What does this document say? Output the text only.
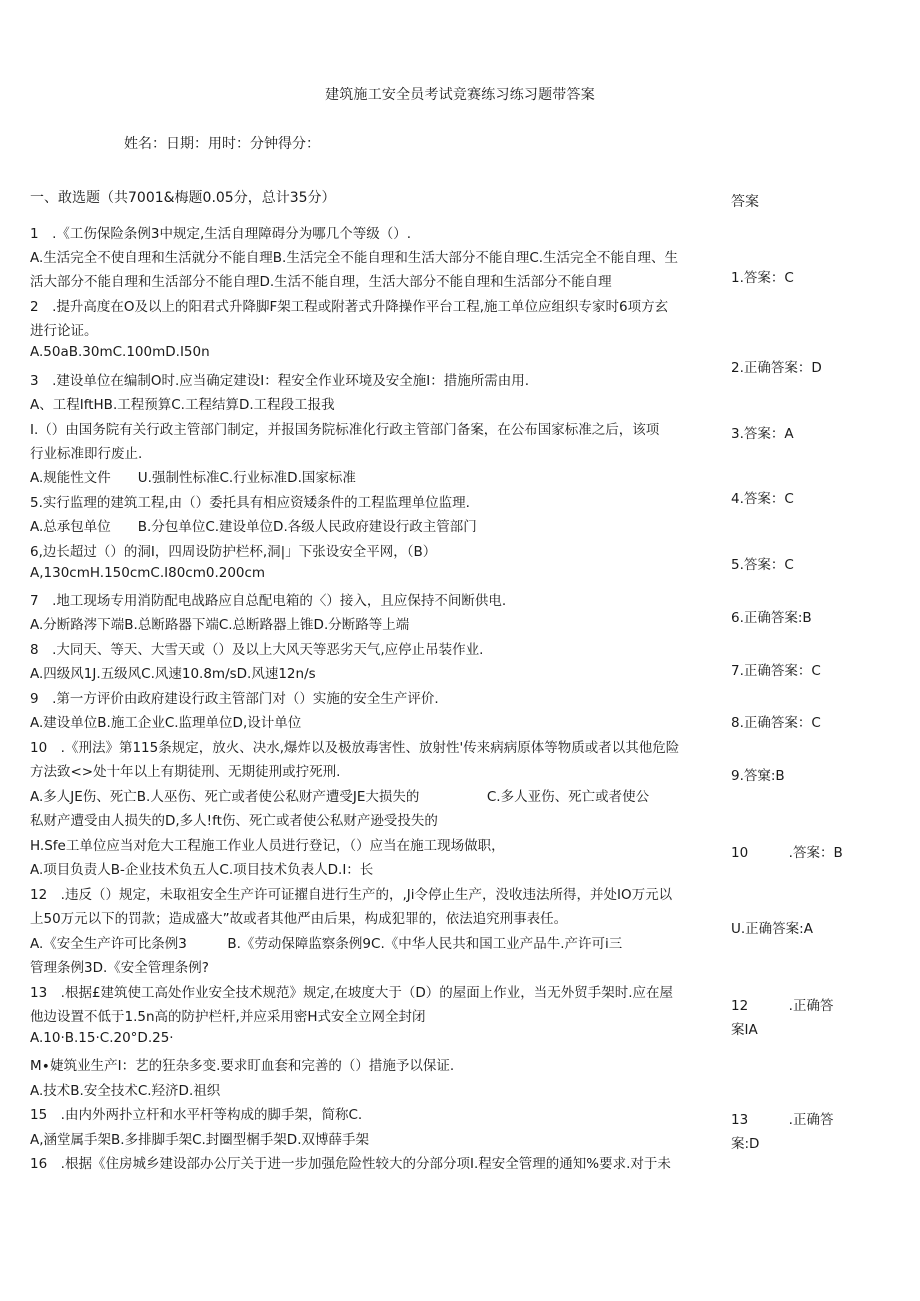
建筑施工安全员考试竞赛练习练习题带答案
姓名：日期：用时：分钟得分：
一、敢选题（共7001&梅题0.05分，总计35分）	答案
1　.《工伤保险条例3中规定,生活自理障碍分为哪几个等级（）.
A.生活完全不使自理和生活就分不能自理B.生活完全不能自理和生活大部分不能自理C.生活完全不能自理、生
活大部分不能自理和生活部分不能自理D.生活不能自理，生活大部分不能自理和生活部分不能自理
2　.提升高度在O及以上的阳君式升降脚F架工程或附著式升降操作平台工程,施工单位应组织专家时6项方玄
进行论证。
A.50aB.30mC.100mD.I50n
3　.建设单位在编制O时.应当确定建设I：程安全作业环境及安全施I：措施所需由用.
A、工程IftHB.工程预算C.工程结算D.工程段工报我
I.（）由国务院有关行政主管部门制定，并报国务院标准化行政主管部门备案，在公布国家标准之后，该项
行业标准即行废止.
A.规能性文件　　U.强制性标准C.行业标准D.国家标准
5.实行监理的建筑工程,由（）委托具有相应资矮条件的工程监理单位监理.
A.总承包单位　　B.分包单位C.建设单位D.各级人民政府建设行政主管部门
6,边长超过（）的洞I，四周设防护栏杯,洞|」下张设安全平网，（B）
A,130cmH.150cmC.I80cm0.200cm
7　.地工现场专用消防配电战路应自总配电箱的〈）接入，且应保持不间断供电.
A.分断路涔下端B.总断路器下端C.总断路器上锥D.分断路等上端
8　.大同天、等天、大雪天或（）及以上大风天等恶劣天气,应停止吊装作业.
A.四级风1J.五级风C.风速10.8m∕sD.风速12n∕s
9　.第一方评价由政府建设行政主管部门对（）实施的安全生产评价.
A.建设单位B.施工企业C.监理单位D,设计单位
10　.《刑法》第115条规定，放火、决水,爆炸以及极放毒害性、放射性'传来病病原体等物质或者以其他危险
方法致<>处十年以上有期徒刑、无期徒刑或拧死刑.
A.多人JE伤、死亡B.人巫伤、死亡或者使公私财产遭受JE大损失的　　　　　C.多人亚伤、死亡或者使公
私财产遭受由人损失的D,多人!ft伤、死亡或者使公私财产逊受投失的
H.Sfe工单位应当对危大工程施工作业人员进行登记，（）应当在施工现场做职，
A.项目负责人B-企业技术负五人C.项目技术负表人D.I：长
12　.违反（）规定，未取祖安全生产许可证擢自进行生产的，,Ji令停止生产，没收违法所得，并处IO万元以
上50万元以下的罚款；造成盛大”故或者其他严由后果，构成犯罪的，依法追究刑事表任。
A.《安全生产许可比条例3　　　B.《劳动保障监察条例9C.《中华人民共和国工业产品牛.产许可i三
管理条例3D.《安全管理条例?
13　.根据£建筑使工高处作业安全技术规范》规定,在坡度大于（D）的屋面上作业，当无外贸手架时.应在屋
他边设置不低于1.5n高的防护栏杆,并应采用密H式安全立网全封闭
A.10·B.15·C.20°D.25·
M∙婕筑业生产I：艺的狂杂多变.要求盯血套和完善的（）措施予以保证.
A.技术B.安全技术C.羟济D.祖织
15　.由内外两扑立杆和水平杆等构成的脚手架，简称C.
A,涵堂属手架B.多排脚手架C.封圈型榍手架D.双博薛手架
16　.根据《住房城乡建设部办公厅关于进一步加强危险性较大的分部分项I.程安全管理的通知%要求.对于未
1.答案：C
2.正确答案：D
3.答案：A
4.答案：C
5.答案：C
6.正确答案:B
7.正确答案：C
8.正确答案：C
9.答窠:B
10　　　.答案：B
U.正确答案:A
12　　　.正确答
案IA
13　　　.正确答
案:D
